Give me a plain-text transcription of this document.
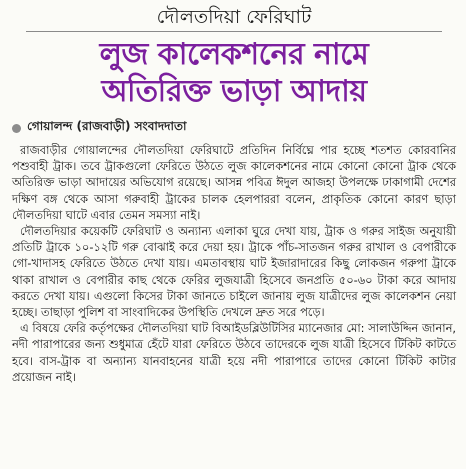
দৌলতদিয়া ফেরিঘাট
লুজ কালেকশনের নামে
অতিরিক্ত ভাড়া আদায়
গোয়ালন্দ (রাজবাড়ী) সংবাদদাতা

রাজবাড়ীর গোয়ালন্দের দৌলতদিয়া ফেরিঘাটে প্রতিদিন নির্বিঘ্নে পার হচ্ছে শতশত কোরবানির পশুবাহী ট্রাক। তবে ট্রাকগুলো ফেরিতে উঠতে লুজ কালেকশনের নামে কোনো কোনো ট্রাক থেকে অতিরিক্ত ভাড়া আদায়ের অভিযোগ রয়েছে। আসন্ন পবিত্র ঈদুল আজহা উপলক্ষে ঢাকাগামী দেশের দক্ষিণ বঙ্গ থেকে আসা গরুবাহী ট্রাকের চালক হেলপাররা বলেন, প্রাকৃতিক কোনো কারণ ছাড়া দৌলতদিয়া ঘাটে এবার তেমন সমস্যা নাই।

দৌলতদিয়ার কয়েকটি ফেরিঘাট ও অন্যান্য এলাকা ঘুরে দেখা যায়, ট্রাক ও গরুর সাইজ অনুযায়ী প্রতিটি ট্রাকে ১০-১২টি গরু বোঝাই করে দেয়া হয়। ট্রাকে পাঁচ-সাতজন গরুর রাখাল ও বেপারীকে গো-খাদাসহ ফেরিতে উঠতে দেখা যায়। এমতাবস্থায় ঘাট ইজারাদারের কিছু লোকজন গরুপা ট্রাকে থাকা রাখাল ও বেপারীর কাছ থেকে ফেরির লুজযাত্রী হিসেবে জনপ্রতি ৫০-৬০ টাকা করে আদায় করতে দেখা যায়। এগুলো কিসের টাকা জানতে চাইলে জানায় লুজ যাত্রীদের লুজ কালেকশন নেয়া হচ্ছে। তাছাড়া পুলিশ বা সাংবাদিকের উপস্থিতি দেখলে দ্রুত সরে পড়ে।

এ বিষয়ে ফেরি কর্তৃপক্ষের দৌলতদিয়া ঘাট বিআইডব্লিউটিসির ম্যানেজার মো: সালাউদ্দিন জানান, নদী পারাপারের জন্য শুধুমাত্র হেঁটে যারা ফেরিতে উঠবে তাদেরকে লুজ যাত্রী হিসেবে টিকিট কাটতে হবে। বাস-ট্রাক বা অন্যান্য যানবাহনের যাত্রী হয়ে নদী পারাপারে তাদের কোনো টিকিট কাটার প্রয়োজন নাই।
